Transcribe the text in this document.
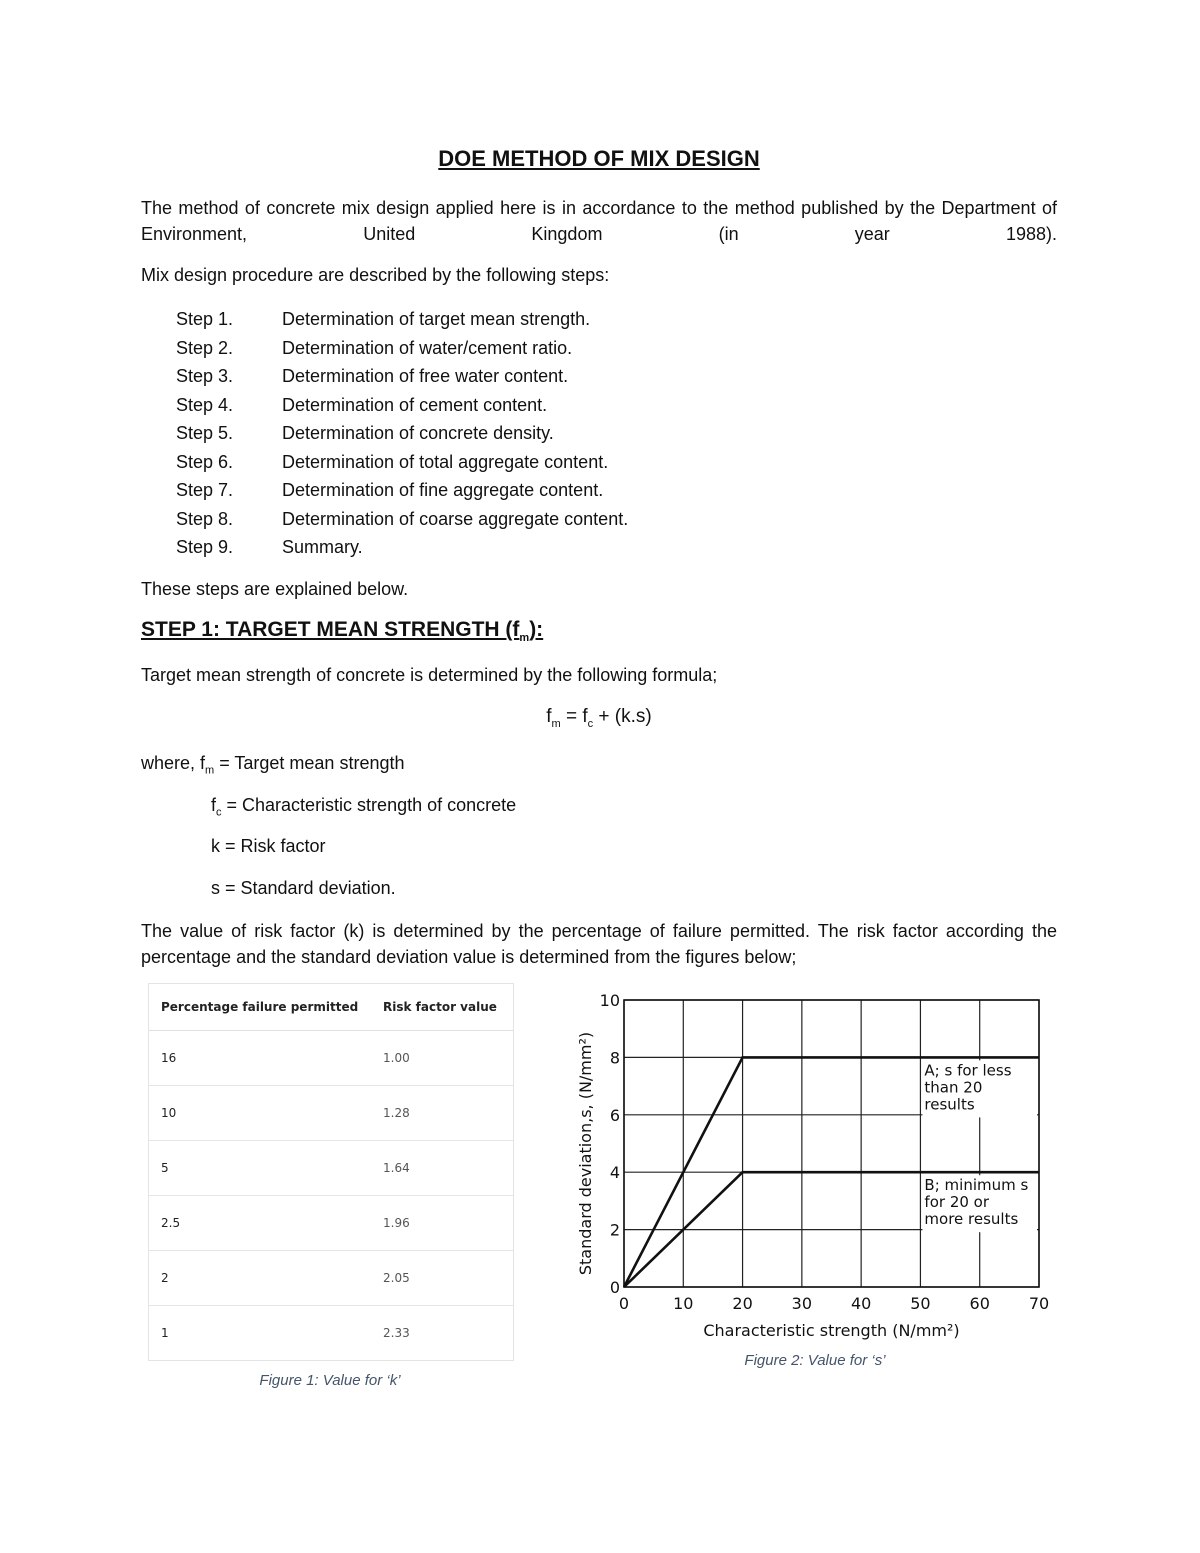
DOE METHOD OF MIX DESIGN
The method of concrete mix design applied here is in accordance to the method published by the Department of Environment, United Kingdom (in year 1988).
Mix design procedure are described by the following steps:
Step 1.	Determination of target mean strength.
Step 2.	Determination of water/cement ratio.
Step 3.	Determination of free water content.
Step 4.	Determination of cement content.
Step 5.	Determination of concrete density.
Step 6.	Determination of total aggregate content.
Step 7.	Determination of fine aggregate content.
Step 8.	Determination of coarse aggregate content.
Step 9.	Summary.
These steps are explained below.
STEP 1: TARGET MEAN STRENGTH $(f_m)$:
Target mean strength of concrete is determined by the following formula;
$f_m = f_c + (k.s)$
where, $f_m$ = Target mean strength
$f_c$ = Characteristic strength of concrete
k = Risk factor
s = Standard deviation.
The value of risk factor (k) is determined by the percentage of failure permitted. The risk factor according the percentage and the standard deviation value is determined from the figures below;
Percentage failure permitted	Risk factor value
16	1.00
10	1.28
5	1.64
2.5	1.96
2	2.05
1	2.33
Figure 1: Value for ‘k’
0	10 20 30 40 50 60 70
0
2
4
6
8
10
Characteristic strength (N/mm²)
Standard deviation,s, (N/mm²)	A; s for less
than 20
results
B; minimum s
for 20 or
more results
Figure 2: Value for ‘s’
